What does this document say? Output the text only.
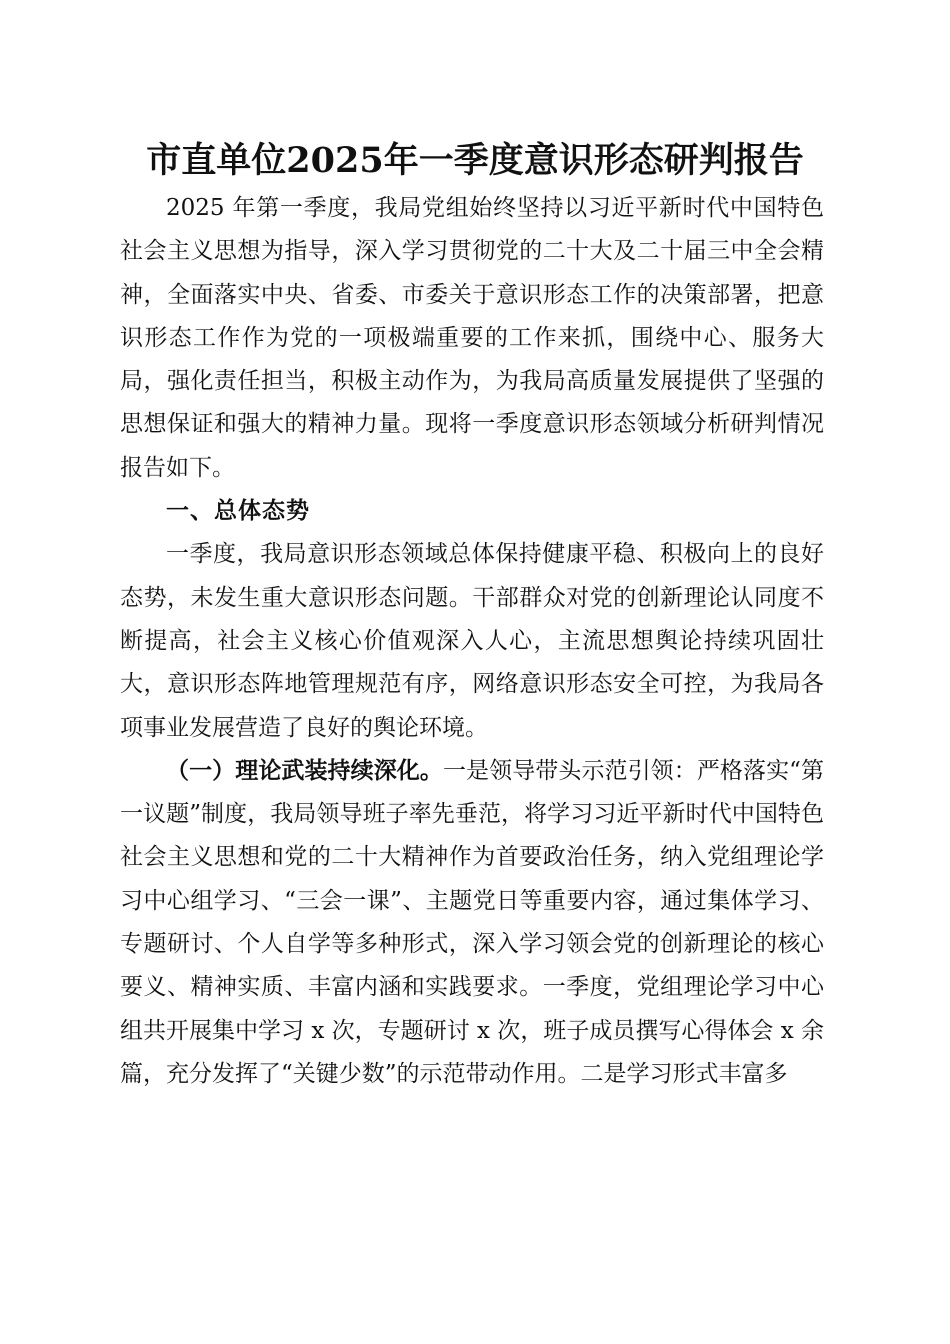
市直单位2025年一季度意识形态研判报告

2025 年第一季度，我局党组始终坚持以习近平新时代中国特色社会主义思想为指导，深入学习贯彻党的二十大及二十届三中全会精神，全面落实中央、省委、市委关于意识形态工作的决策部署，把意识形态工作作为党的一项极端重要的工作来抓，围绕中心、服务大局，强化责任担当，积极主动作为，为我局高质量发展提供了坚强的思想保证和强大的精神力量。现将一季度意识形态领域分析研判情况报告如下。

一、总体态势

一季度，我局意识形态领域总体保持健康平稳、积极向上的良好态势，未发生重大意识形态问题。干部群众对党的创新理论认同度不断提高，社会主义核心价值观深入人心，主流思想舆论持续巩固壮大，意识形态阵地管理规范有序，网络意识形态安全可控，为我局各项事业发展营造了良好的舆论环境。

（一）理论武装持续深化。一是领导带头示范引领：严格落实“第一议题”制度，我局领导班子率先垂范，将学习习近平新时代中国特色社会主义思想和党的二十大精神作为首要政治任务，纳入党组理论学习中心组学习、“三会一课”、主题党日等重要内容，通过集体学习、专题研讨、个人自学等多种形式，深入学习领会党的创新理论的核心要义、精神实质、丰富内涵和实践要求。一季度，党组理论学习中心组共开展集中学习 x 次，专题研讨 x 次，班子成员撰写心得体会 x 余篇，充分发挥了“关键少数”的示范带动作用。二是学习形式丰富多
